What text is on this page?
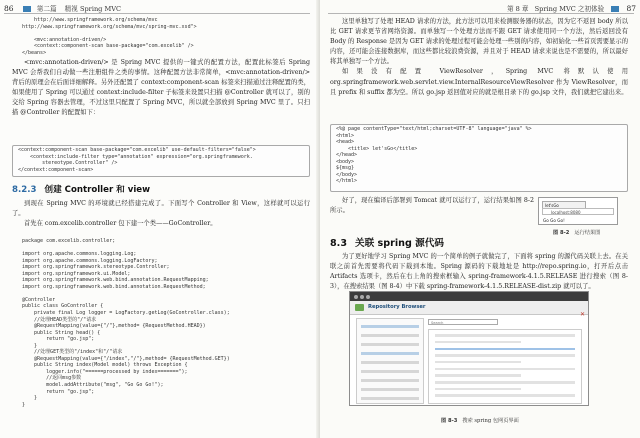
86	第二篇 精视 Spring MVC
http://www.springframework.org/schema/mvc
http://www.springframework.org/schema/mvc/spring-mvc.xsd">

<mvc:annotation-driven/>
<context:component-scan base-package="com.excelib" />
</beans>

<mvc:annotation-driven/> 是 Spring MVC 提供的一键式的配置方法，配置此标签后 Spring MVC 会帮我们自动做一些注册组件之类的事情。这种配置方法非常简单，<mvc:annotation-driven/> 背后的原理会在后面详细解释。另外还配置了 context:component-scan 标签来扫描通过注释配置的类，如果使用了 Spring 可以通过 context:include-filter 子标签来设置只扫描 @Controller 就可以了，别的交给 Spring 容器去管理，不过这里只配置了 Spring MVC，所以就全部放到 Spring MVC 里了。只扫描 @Controller 的配置如下：

<context:component-scan base-package="com.excelib" use-default-filters="false">
<context:include-filter type="annotation" expression="org.springframework.
stereotype.Controller" />
</context:component-scan>
8.2.3 创建 Controller 和 view

到现在 Spring MVC 的环境就已经搭建完成了。下面写个 Controller 和 View，这样就可以运行了。

首先在 com.excelib.controller 包下建一个类——GoController。

package com.excelib.controller;

import org.apache.commons.logging.Log;
import org.apache.commons.logging.LogFactory;
import org.springframework.stereotype.Controller;
import org.springframework.ui.Model;
import org.springframework.web.bind.annotation.RequestMapping;
import org.springframework.web.bind.annotation.RequestMethod;

@Controller
public class GoController {
private final Log logger = LogFactory.getLog(GoController.class);
//处理HEAD类型的"/"请求
@RequestMapping(value={"/"},method= {RequestMethod.HEAD})
public String head() {
return "go.jsp";
}
//处理GET类型的"/index"和"/"请求
@RequestMapping(value={"/index","/"},method= {RequestMethod.GET})
public String index(Model model) throws Exception {
logger.info("======processed by index=======");
//返回msg参数
model.addAttribute("msg", "Go Go Go!");
return "go.jsp";
}
}
第 8 章 Spring MVC 之初体验	87

这里单独写了处理 HEAD 请求的方法，此方法可以用来检测服务器的状态，因为它不返回 body 所以比 GET 请求更节省网络资源。而单独写一个处理方法而不跟 GET 请求使用同一个方法，然后返回没有 Body 的 Response 是因为 GET 请求的处理过程可能会处理一些别的内容，如初始化一些首页需要显示的内容，还可能会连接数据库，而这些都比较浪费资源，并且对于 HEAD 请求来说也是不需要的，所以最好将其单独写一个方法。

如果没有配置 ViewResolver，Spring MVC 将默认使用 org.springframework.web.servlet.view.InternalResourceViewResolver 作为 ViewResolver，而且 prefix 和 suffix 都为空。所以 go.jsp 返回值对应的就是根目录下的 go.jsp 文件，我们就把它建出来。

<%@ page contentType="text/html;charset=UTF-8" language="java" %>
<html>
<head>
<title> let'sGo</title>
</head>
<body>
${msg}
</body>
</html>

好了，现在编译后部署到 Tomcat 就可以运行了，运行结果如图 8-2 所示。

let'sGo
localhost:8080
Go Go Go!
图 8-2 运行结果图
8.3 关联 spring 源代码

为了更好地学习 Spring MVC 的一个简单的例子就做完了，下面将 spring 的源代码关联上去。在关联之前首先需要将代码下载到本地。Spring 源码的下载地址是 http://repo.spring.io，打开后点击 Artifacts 选项卡，然后在右上角的搜索框输入 spring-framework-4.1.5.RELEASE 进行搜索（图 8-3），在搜索结果（图 8-4）中下载 spring-framework-4.1.5.RELEASE-dist.zip 就可以了。

Repository Browser
✕
Search
图 8-3 搜索 spring 包网页界面
